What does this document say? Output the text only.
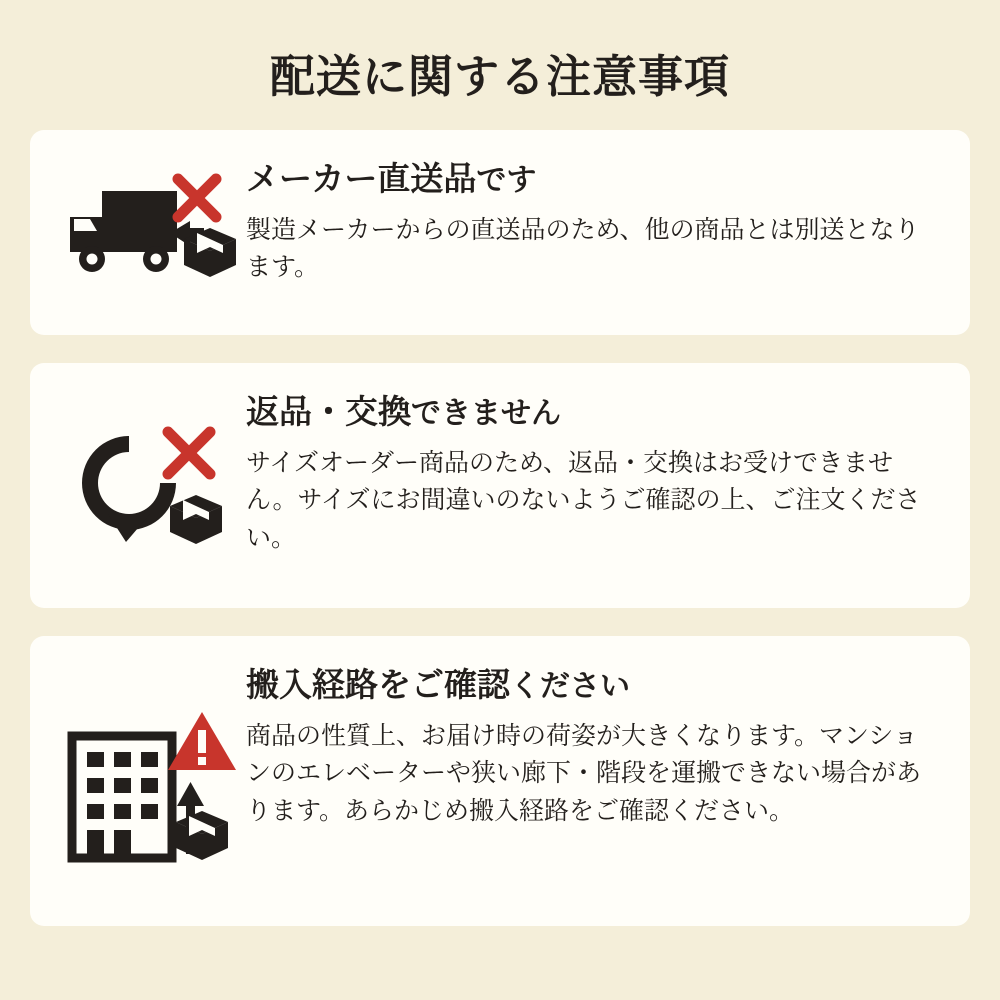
配送に関する注意事項

メーカー直送品です

製造メーカーからの直送品のため、他の商品とは別送となります。

返品・交換できません

サイズオーダー商品のため、返品・交換はお受けできません。サイズにお間違いのないようご確認の上、ご注文ください。

搬入経路をご確認ください

商品の性質上、お届け時の荷姿が大きくなります。マンションのエレベーターや狭い廊下・階段を運搬できない場合があります。あらかじめ搬入経路をご確認ください。
